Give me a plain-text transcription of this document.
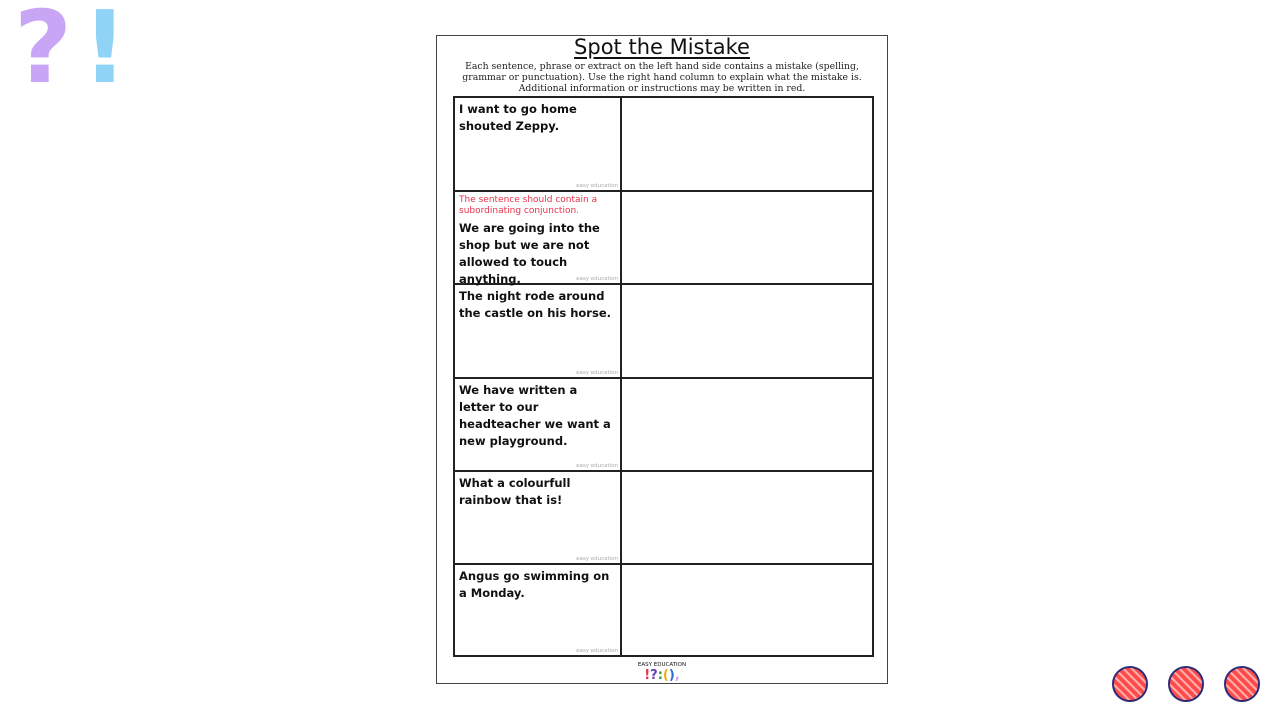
? !	Spot the Mistake
Each sentence, phrase or extract on the left hand side contains a mistake (spelling, grammar or punctuation). Use the right hand column to explain what the mistake is. Additional information or instructions may be written in red.
I want to go home shouted Zeppy.
easy education
The sentence should contain a subordinating conjunction.
We are going into the shop but we are not allowed to touch anything.	easy education
The night rode around the castle on his horse.
easy education
We have written a letter to our headteacher we want a new playground.
easy education
What a colourfull rainbow that is!
easy education
Angus go swimming on a Monday.
easy education
EASY EDUCATION
!?:(),
